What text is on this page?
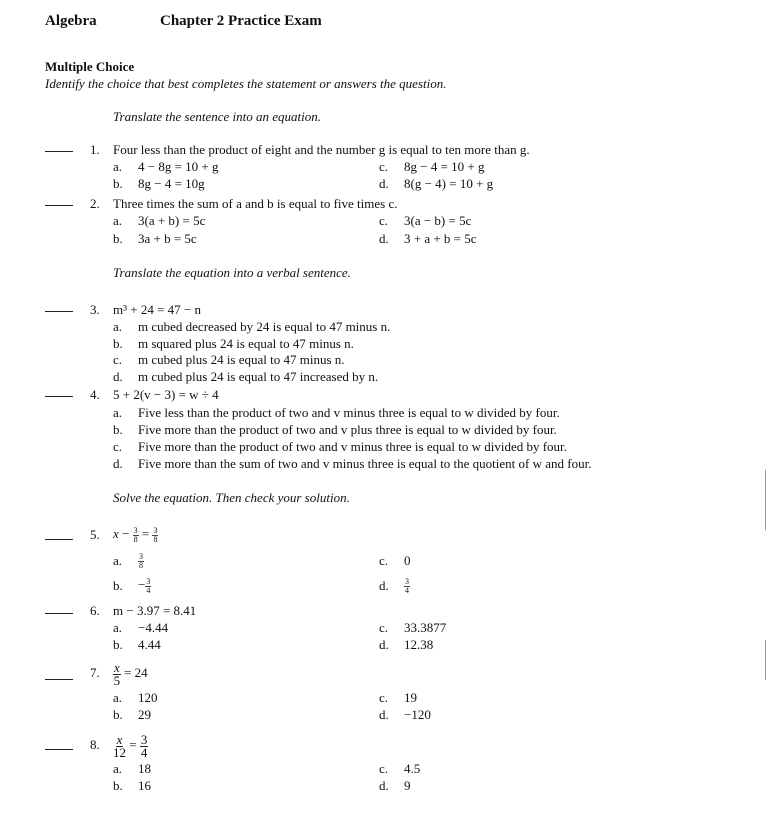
Algebra	Chapter 2 Practice Exam
Multiple Choice
Identify the choice that best completes the statement or answers the question.
Translate the sentence into an equation.
1. Four less than the product of eight and the number g is equal to ten more than g.
a. 4 − 8g = 10 + g
b. 8g − 4 = 10g
c. 8g − 4 = 10 + g
d. 8(g − 4) = 10 + g
2. Three times the sum of a and b is equal to five times c.
a. 3(a + b) = 5c
b. 3a + b = 5c
c. 3(a − b) = 5c
d. 3 + a + b = 5c
Translate the equation into a verbal sentence.
3. m³ + 24 = 47 − n
a. m cubed decreased by 24 is equal to 47 minus n.
b. m squared plus 24 is equal to 47 minus n.
c. m cubed plus 24 is equal to 47 minus n.
d. m cubed plus 24 is equal to 47 increased by n.
4. 5 + 2(v − 3) = w ÷ 4
a. Five less than the product of two and v minus three is equal to w divided by four.
b. Five more than the product of two and v plus three is equal to w divided by four.
c. Five more than the product of two and v minus three is equal to w divided by four.
d. Five more than the sum of two and v minus three is equal to the quotient of w and four.
Solve the equation. Then check your solution.
5. $x - \frac{3}{8} = \frac{3}{8}$
a. $\frac{3}{8}$
b. − $\frac{3}{4}$
c. 0
d. $\frac{3}{4}$
6. m − 3.97 = 8.41
a. −4.44
b. 4.44
c. 33.3877
d. 12.38
7. $\frac{x}{5} = 24$
a. 120
b. 29
c. 19
d. −120
8. $\frac{x}{12} = \frac{3}{4}$
a. 18
b. 16
c. 4.5
d. 9
